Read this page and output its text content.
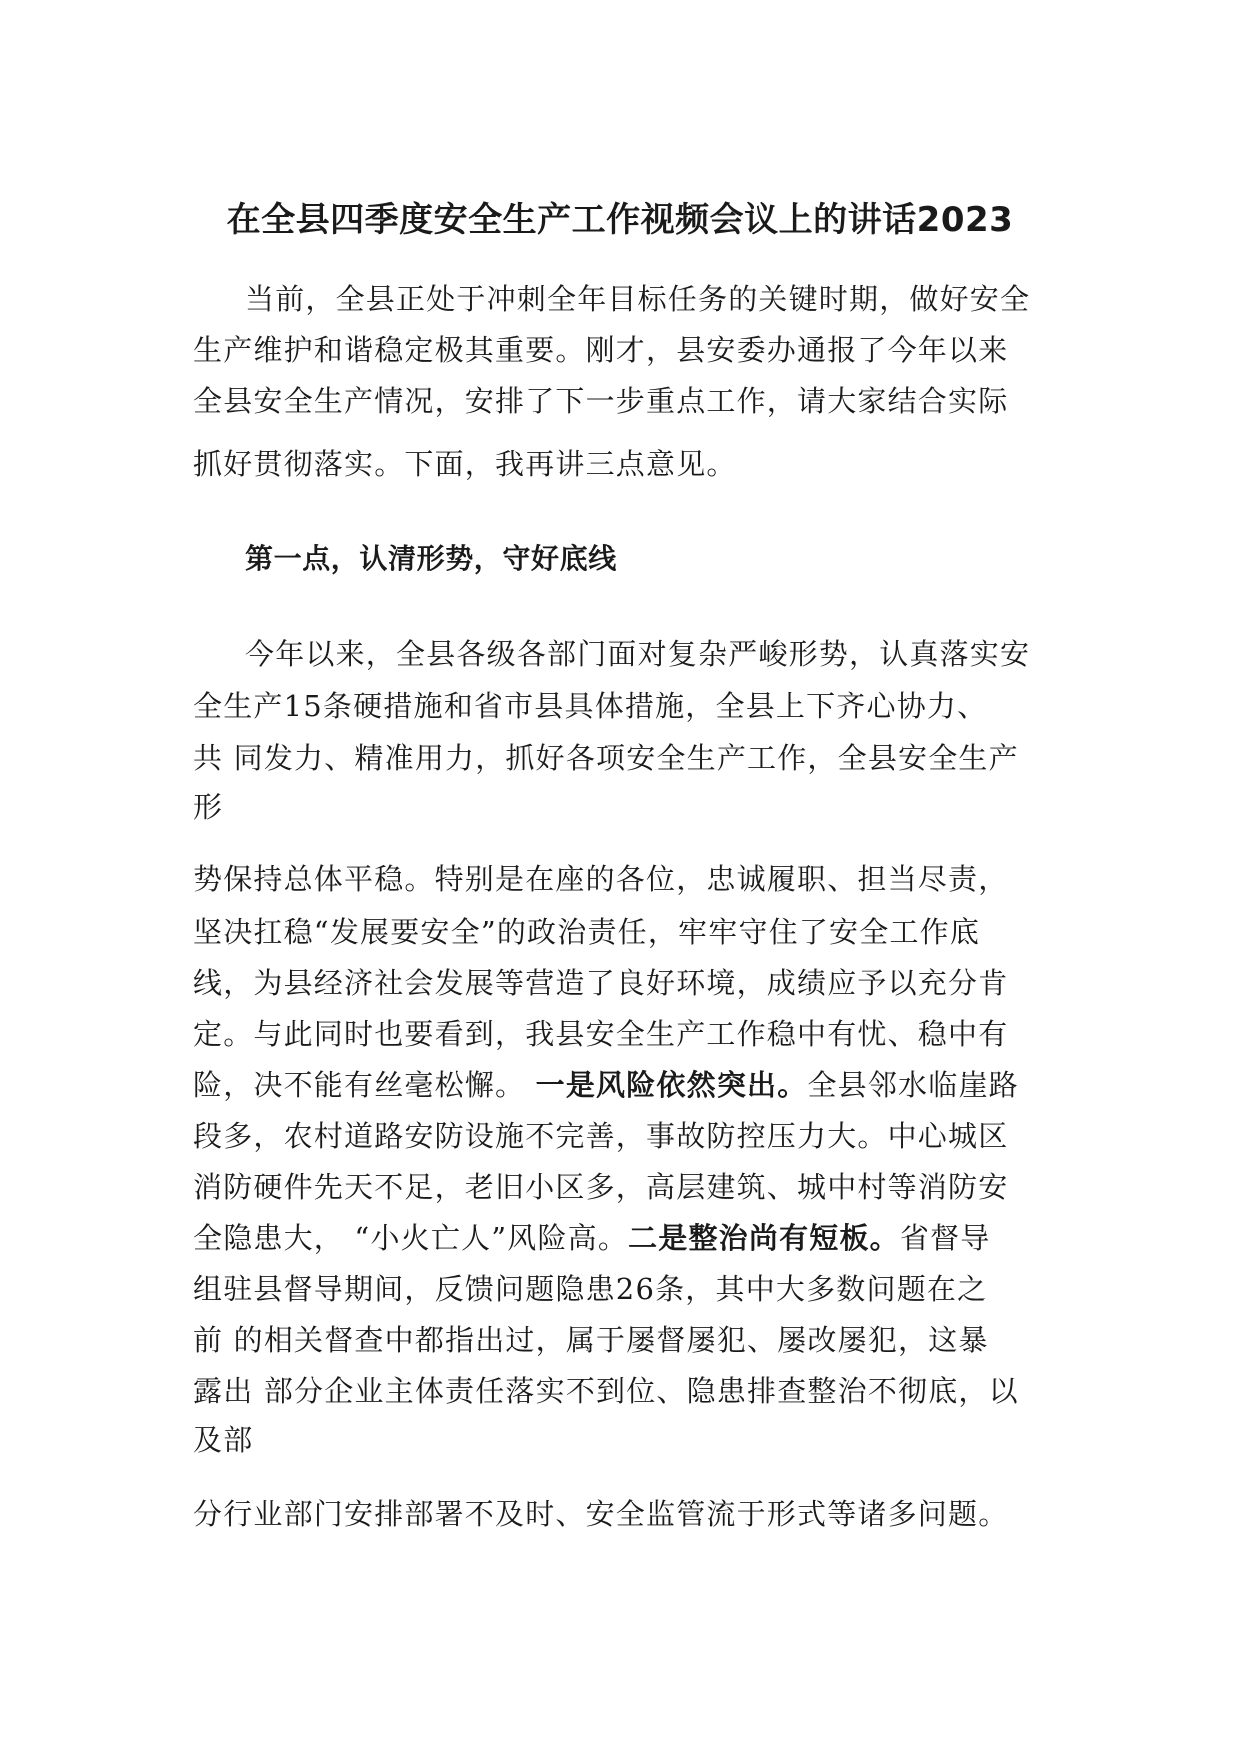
在全县四季度安全生产工作视频会议上的讲话2023
当前，全县正处于冲刺全年目标任务的关键时期，做好安全
生产维护和谐稳定极其重要。刚才，县安委办通报了今年以来
全县安全生产情况，安排了下一步重点工作，请大家结合实际
抓好贯彻落实。下面，我再讲三点意见。
第一点，认清形势，守好底线
今年以来，全县各级各部门面对复杂严峻形势，认真落实安
全生产15条硬措施和省市县具体措施，全县上下齐心协力、
共 同发力、精准用力，抓好各项安全生产工作，全县安全生产
形
势保持总体平稳。特别是在座的各位，忠诚履职、担当尽责，
坚决扛稳“发展要安全”的政治责任，牢牢守住了安全工作底
线，为县经济社会发展等营造了良好环境，成绩应予以充分肯
定。与此同时也要看到，我县安全生产工作稳中有忧、稳中有
险，决不能有丝毫松懈。 一是风险依然突出。全县邻水临崖路
段多，农村道路安防设施不完善，事故防控压力大。中心城区
消防硬件先天不足，老旧小区多，高层建筑、城中村等消防安
全隐患大， “小火亡人”风险高。二是整治尚有短板。省督导
组驻县督导期间，反馈问题隐患26条，其中大多数问题在之
前 的相关督查中都指出过，属于屡督屡犯、屡改屡犯，这暴
露出 部分企业主体责任落实不到位、隐患排查整治不彻底，以
及部
分行业部门安排部署不及时、安全监管流于形式等诸多问题。
